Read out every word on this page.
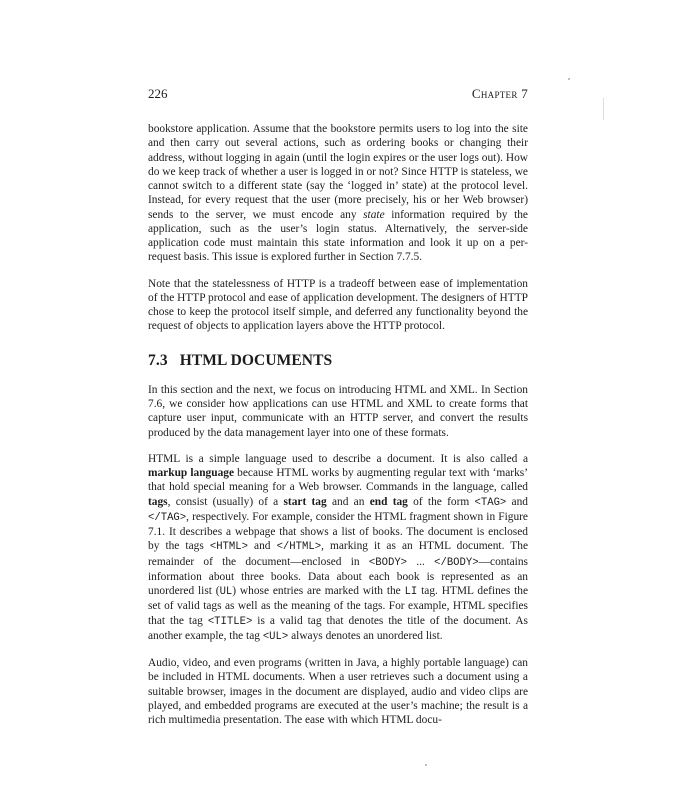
226	Chapter 7

bookstore application. Assume that the bookstore permits users to log into the site and then carry out several actions, such as ordering books or changing their address, without logging in again (until the login expires or the user logs out). How do we keep track of whether a user is logged in or not? Since HTTP is stateless, we cannot switch to a different state (say the ‘logged in’ state) at the protocol level. Instead, for every request that the user (more precisely, his or her Web browser) sends to the server, we must encode any state information required by the application, such as the user’s login status. Alternatively, the server-side application code must maintain this state information and look it up on a per-request basis. This issue is explored further in Section 7.7.5.

Note that the statelessness of HTTP is a tradeoff between ease of implementation of the HTTP protocol and ease of application development. The designers of HTTP chose to keep the protocol itself simple, and deferred any functionality beyond the request of objects to application layers above the HTTP protocol.

7.3 HTML DOCUMENTS

In this section and the next, we focus on introducing HTML and XML. In Section 7.6, we consider how applications can use HTML and XML to create forms that capture user input, communicate with an HTTP server, and convert the results produced by the data management layer into one of these formats.

HTML is a simple language used to describe a document. It is also called a markup language because HTML works by augmenting regular text with ‘marks’ that hold special meaning for a Web browser. Commands in the language, called tags, consist (usually) of a start tag and an end tag of the form <TAG> and </TAG>, respectively. For example, consider the HTML fragment shown in Figure 7.1. It describes a webpage that shows a list of books. The document is enclosed by the tags <HTML> and </HTML>, marking it as an HTML document. The remainder of the document—enclosed in <BODY> ... </BODY>—contains information about three books. Data about each book is represented as an unordered list (UL) whose entries are marked with the LI tag. HTML defines the set of valid tags as well as the meaning of the tags. For example, HTML specifies that the tag <TITLE> is a valid tag that denotes the title of the document. As another example, the tag <UL> always denotes an unordered list.

Audio, video, and even programs (written in Java, a highly portable language) can be included in HTML documents. When a user retrieves such a document using a suitable browser, images in the document are displayed, audio and video clips are played, and embedded programs are executed at the user’s machine; the result is a rich multimedia presentation. The ease with which HTML docu-
